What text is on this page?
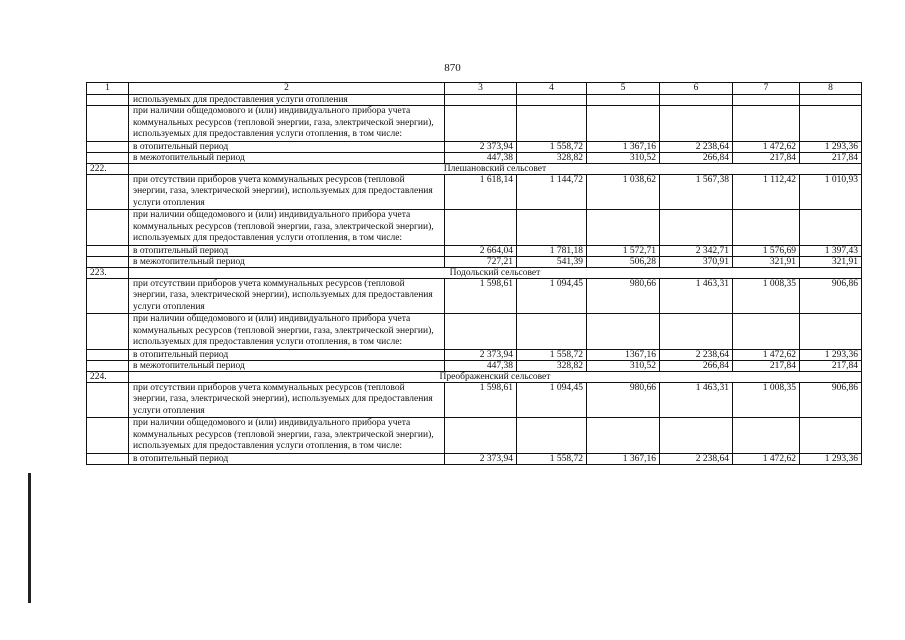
870
1	2	3	4	5	6	7	8
	используемых для предоставления услуги отопления						
	при наличии общедомового и (или) индивидуального прибора учета коммунальных ресурсов (тепловой энергии, газа, электрической энергии), используемых для предоставления услуги отопления, в том числе:						
	в отопительный период	2 373,94	1 558,72	1 367,16	2 238,64	1 472,62	1 293,36
	в межотопительный период	447,38	328,82	310,52	266,84	217,84	217,84
222.	Плешановский сельсовет						
	при отсутствии приборов учета коммунальных ресурсов (тепловой энергии, газа, электрической энергии), используемых для предоставления услуги отопления	1 618,14	1 144,72	1 038,62	1 567,38	1 112,42	1 010,93
	при наличии общедомового и (или) индивидуального прибора учета коммунальных ресурсов (тепловой энергии, газа, электрической энергии), используемых для предоставления услуги отопления, в том числе:						
	в отопительный период	2 664,04	1 781,18	1 572,71	2 342,71	1 576,69	1 397,43
	в межотопительный период	727,21	541,39	506,28	370,91	321,91	321,91
223.	Подольский сельсовет						
	при отсутствии приборов учета коммунальных ресурсов (тепловой энергии, газа, электрической энергии), используемых для предоставления услуги отопления	1 598,61	1 094,45	980,66	1 463,31	1 008,35	906,86
	при наличии общедомового и (или) индивидуального прибора учета коммунальных ресурсов (тепловой энергии, газа, электрической энергии), используемых для предоставления услуги отопления, в том числе:						
	в отопительный период	2 373,94	1 558,72	1367,16	2 238,64	1 472,62	1 293,36
	в межотопительный период	447,38	328,82	310,52	266,84	217,84	217,84
224.	Преображенский сельсовет						
	при отсутствии приборов учета коммунальных ресурсов (тепловой энергии, газа, электрической энергии), используемых для предоставления услуги отопления	1 598,61	1 094,45	980,66	1 463,31	1 008,35	906,86
	при наличии общедомового и (или) индивидуального прибора учета коммунальных ресурсов (тепловой энергии, газа, электрической энергии), используемых для предоставления услуги отопления, в том числе:						
	в отопительный период	2 373,94	1 558,72	1 367,16	2 238,64	1 472,62	1 293,36
